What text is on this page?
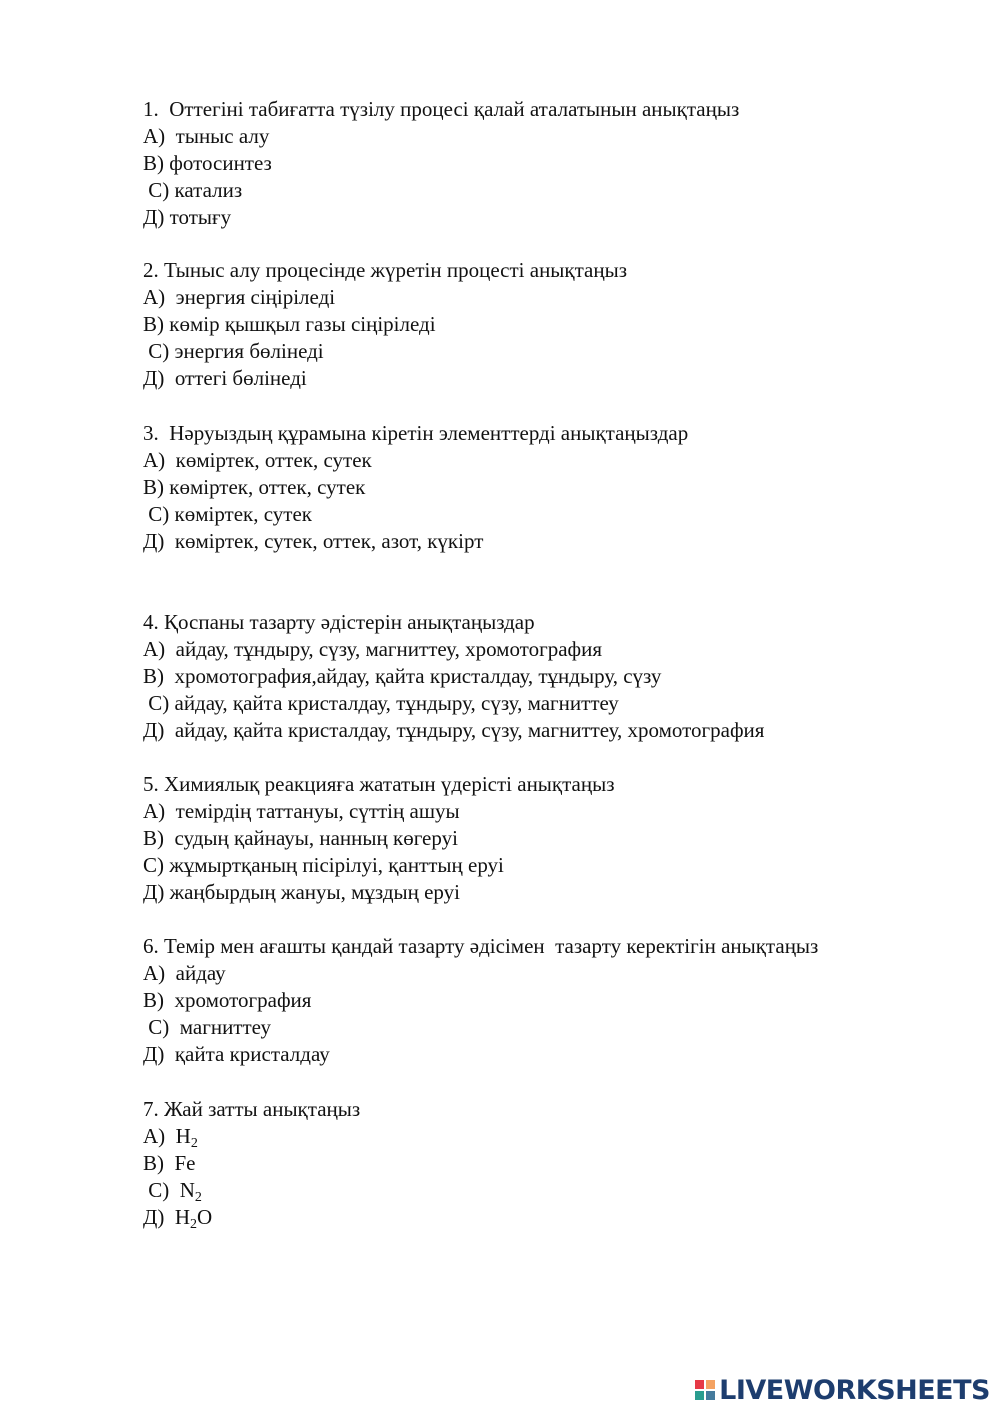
1.  Оттегіні табиғатта түзілу процесі қалай аталатынын анықтаңыз
А)  тыныс алу
В) фотосинтез
С) катализ
Д) тотығу
2. Тыныс алу процесінде жүретін процесті анықтаңыз
А)  энергия сіңіріледі
В) көмір қышқыл газы сіңіріледі
С) энергия бөлінеді
Д)  оттегі бөлінеді
3.  Нәруыздың құрамына кіретін элементтерді анықтаңыздар
А)  көміртек, оттек, сутек
В) көміртек, оттек, сутек
С) көміртек, сутек
Д)  көміртек, сутек, оттек, азот, күкірт
4. Қоспаны тазарту әдістерін анықтаңыздар
А)  айдау, тұндыру, сүзу, магниттеу, хромотография
В)  хромотография,айдау, қайта кристалдау, тұндыру, сүзу
С) айдау, қайта кристалдау, тұндыру, сүзу, магниттеу
Д)  айдау, қайта кристалдау, тұндыру, сүзу, магниттеу, хромотография
5. Химиялық реакцияға жататын үдерісті анықтаңыз
А)  темірдің таттануы, сүттің ашуы
В)  судың қайнауы, нанның көгеруі
С) жұмыртқаның пісірілуі, қанттың еруі
Д) жаңбырдың жануы, мұздың еруі
6. Темір мен ағашты қандай тазарту әдісімен  тазарту керектігін анықтаңыз
А)  айдау
В)  хромотография
С)  магниттеу
Д)  қайта кристалдау
7. Жай затты анықтаңыз
А)  $H_2$
В)  Fe
С)  $N_2$
Д)  $H_2O$
LIVEWORKSHEETS
